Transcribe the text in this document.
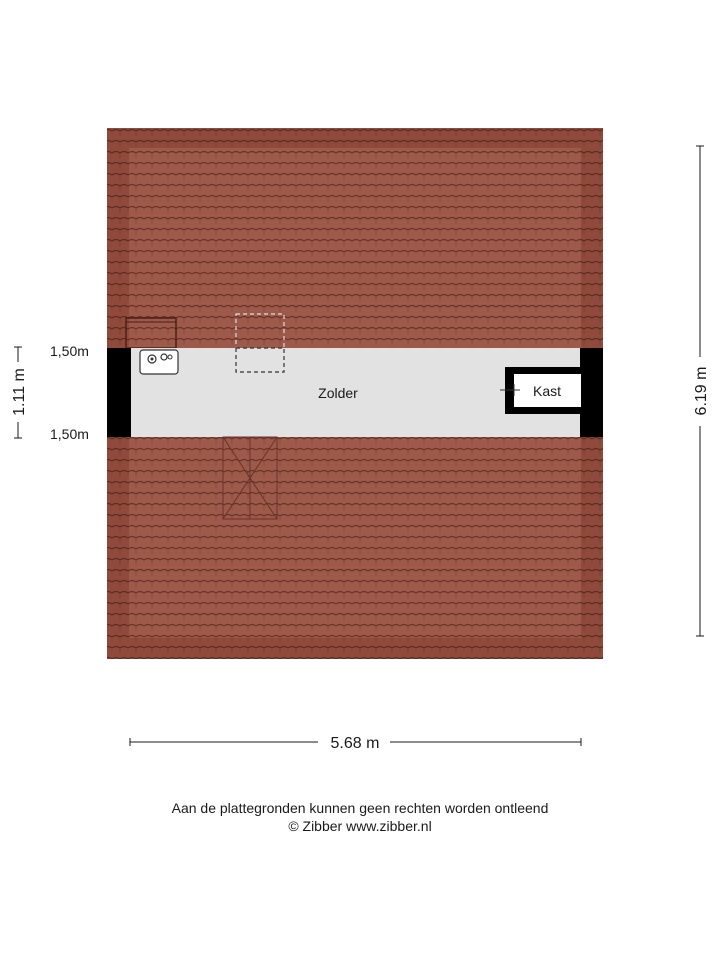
Zolder	Kast
1,50m
1,50m
1.11 m	6.19 m
5.68 m
Aan de plattegronden kunnen geen rechten worden ontleend
© Zibber www.zibber.nl
